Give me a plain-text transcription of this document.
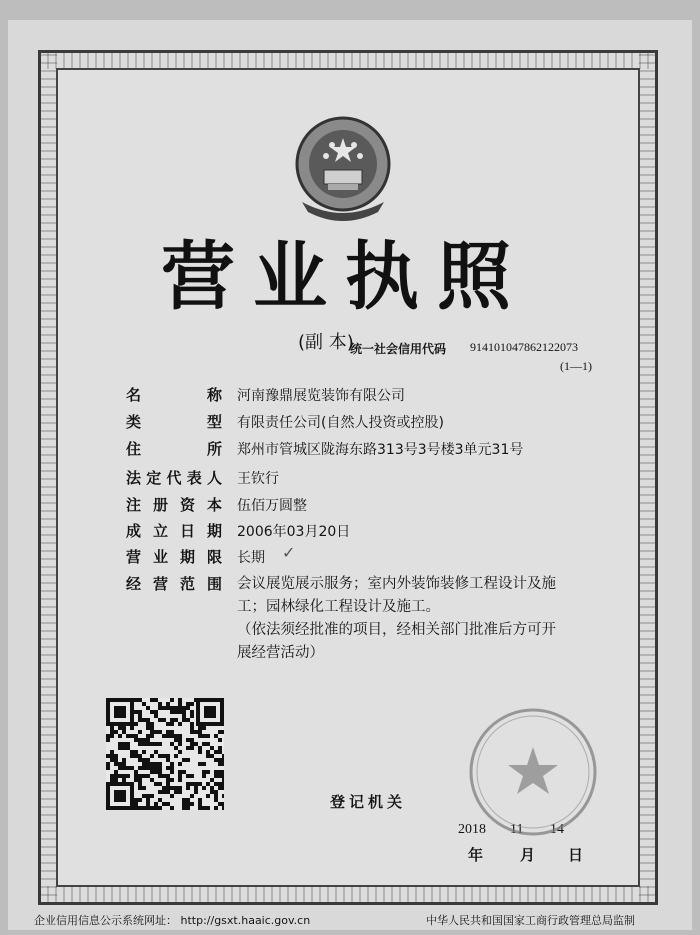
营业执照
(副 本)
统一社会信用代码 914101047862122073
(1—1)
名	称 河南豫鼎展览装饰有限公司
类	型 有限责任公司(自然人投资或控股)
住	所 郑州市管城区陇海东路313号3号楼3单元31号
法 定 代 表 人 王钦行
注 册 资 本 伍佰万圆整
成 立 日 期 2006年03月20日
营 业 期 限 长期
经 营 范 围 会议展览展示服务；室内外装饰装修工程设计及施
工；园林绿化工程设计及施工。
（依法须经批准的项目，经相关部门批准后方可开
展经营活动）
✓
登记机关
2018 11 14
年 月 日
企业信用信息公示系统网址： http://gsxt.haaic.gov.cn	中华人民共和国国家工商行政管理总局监制
